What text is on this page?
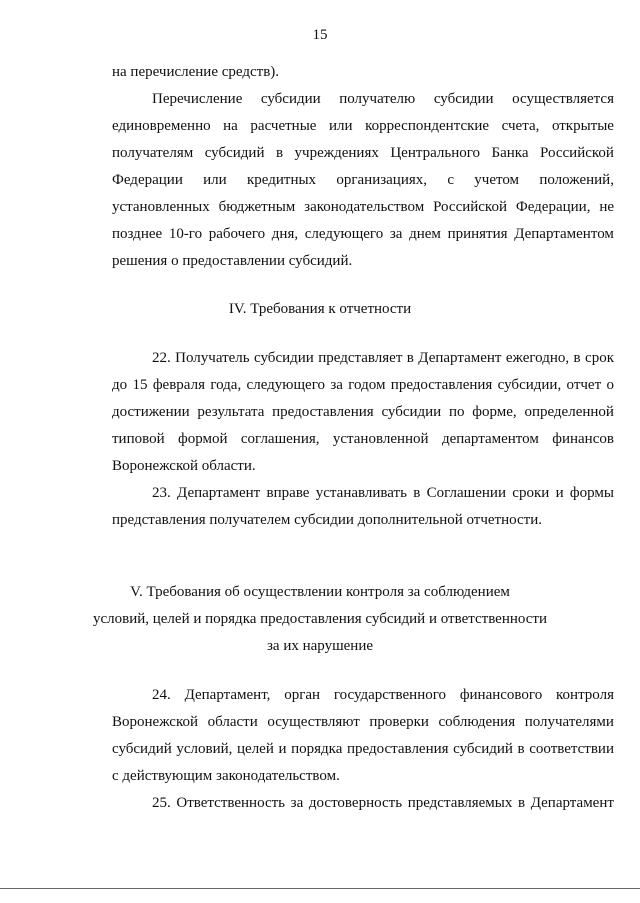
15
на перечисление средств).
Перечисление субсидии получателю субсидии осуществляется
единовременно на расчетные или корреспондентские счета, открытые
получателям субсидий в учреждениях Центрального Банка Российской
Федерации или кредитных организациях, с учетом положений,
установленных бюджетным законодательством Российской Федерации, не
позднее 10-го рабочего дня, следующего за днем принятия Департаментом
решения о предоставлении субсидий.
IV. Требования к отчетности
22. Получатель субсидии представляет в Департамент ежегодно, в срок
до 15 февраля года, следующего за годом предоставления субсидии, отчет о
достижении результата предоставления субсидии по форме, определенной
типовой формой соглашения, установленной департаментом финансов
Воронежской области.
23. Департамент вправе устанавливать в Соглашении сроки и формы
представления получателем субсидии дополнительной отчетности.
V. Требования об осуществлении контроля за соблюдением
условий, целей и порядка предоставления субсидий и ответственности
за их нарушение
24. Департамент, орган государственного финансового контроля
Воронежской области осуществляют проверки соблюдения получателями
субсидий условий, целей и порядка предоставления субсидий в соответствии
с действующим законодательством.
25. Ответственность за достоверность представляемых в Департамент
